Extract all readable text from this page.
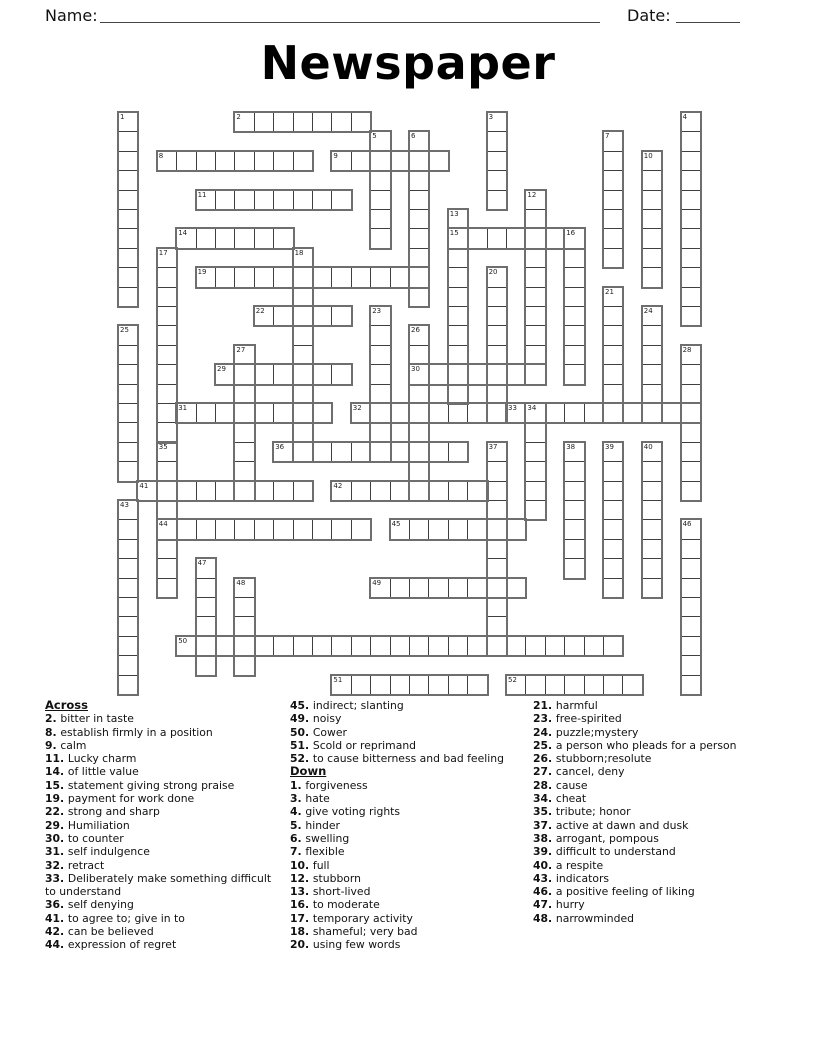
Name:	Date:
Newspaper
2
8	9
11
14	15
19
22
29	30
31	32	33
36
41	42
44	45
49
50
51	52
1	3	4
5	6	7
10
12
13
16
17	18
20
21
23	24
25	26
27	28
34
35	37	38	39	40
43
46
47
48
Across
2. bitter in taste
8. establish firmly in a position
9. calm
11. Lucky charm
14. of little value
15. statement giving strong praise
19. payment for work done
22. strong and sharp
29. Humiliation
30. to counter
31. self indulgence
32. retract
33. Deliberately make something difficult to understand
36. self denying
41. to agree to; give in to
42. can be believed
44. expression of regret
45. indirect; slanting
49. noisy
50. Cower
51. Scold or reprimand
52. to cause bitterness and bad feeling
Down
1. forgiveness
3. hate
4. give voting rights
5. hinder
6. swelling
7. flexible
10. full
12. stubborn
13. short-lived
16. to moderate
17. temporary activity
18. shameful; very bad
20. using few words
21. harmful
23. free-spirited
24. puzzle;mystery
25. a person who pleads for a person
26. stubborn;resolute
27. cancel, deny
28. cause
34. cheat
35. tribute; honor
37. active at dawn and dusk
38. arrogant, pompous
39. difficult to understand
40. a respite
43. indicators
46. a positive feeling of liking
47. hurry
48. narrowminded
